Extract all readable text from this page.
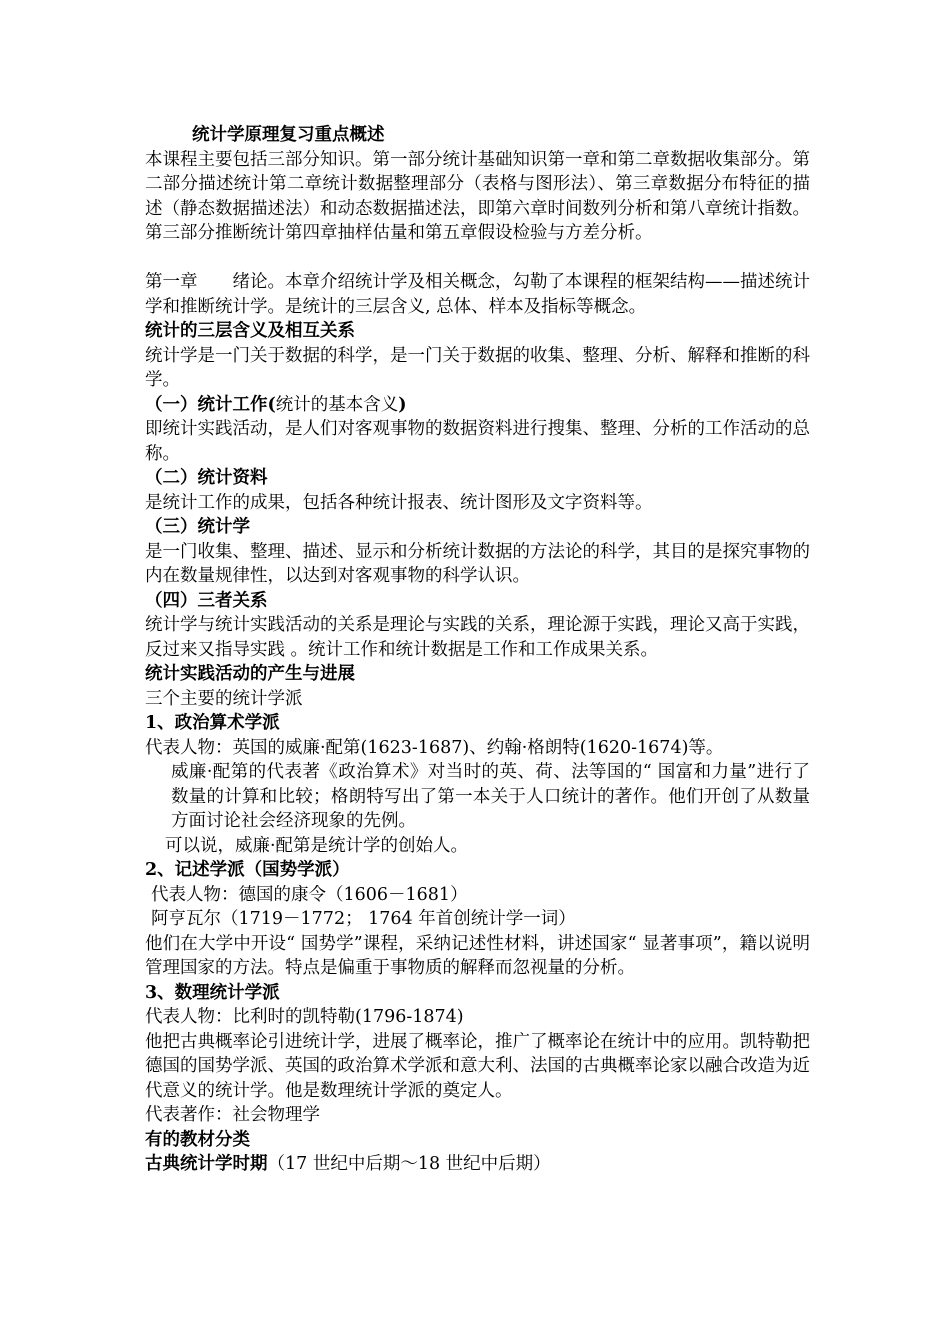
统计学原理复习重点概述

本课程主要包括三部分知识。第一部分统计基础知识第一章和第二章数据收集部分。第二部分描述统计第二章统计数据整理部分（表格与图形法）、第三章数据分布特征的描述（静态数据描述法）和动态数据描述法，即第六章时间数列分析和第八章统计指数。第三部分推断统计第四章抽样估量和第五章假设检验与方差分析。

第一章　　绪论。本章介绍统计学及相关概念，勾勒了本课程的框架结构——描述统计学和推断统计学。是统计的三层含义, 总体、样本及指标等概念。

统计的三层含义及相互关系

统计学是一门关于数据的科学，是一门关于数据的收集、整理、分析、解释和推断的科学。

（一）统计工作(统计的基本含义)

即统计实践活动，是人们对客观事物的数据资料进行搜集、整理、分析的工作活动的总称。

（二）统计资料

是统计工作的成果，包括各种统计报表、统计图形及文字资料等。

（三）统计学

是一门收集、整理、描述、显示和分析统计数据的方法论的科学，其目的是探究事物的内在数量规律性，以达到对客观事物的科学认识。

（四）三者关系

统计学与统计实践活动的关系是理论与实践的关系，理论源于实践，理论又高于实践，反过来又指导实践 。统计工作和统计数据是工作和工作成果关系。

统计实践活动的产生与进展

三个主要的统计学派

1、政治算术学派

代表人物：英国的威廉·配第(1623-1687)、约翰·格朗特(1620-1674)等。

威廉·配第的代表著《政治算术》对当时的英、荷、法等国的“ 国富和力量”进行了数量的计算和比较；格朗特写出了第一本关于人口统计的著作。他们开创了从数量方面讨论社会经济现象的先例。

可以说，威廉·配第是统计学的创始人。

2、记述学派（国势学派）

代表人物：德国的康令（1606－1681）

阿亨瓦尔（1719－1772； 1764 年首创统计学一词）

他们在大学中开设“ 国势学”课程，采纳记述性材料，讲述国家“ 显著事项”，籍以说明管理国家的方法。特点是偏重于事物质的解释而忽视量的分析。

3、数理统计学派

代表人物：比利时的凯特勒(1796-1874)

他把古典概率论引进统计学，进展了概率论，推广了概率论在统计中的应用。凯特勒把德国的国势学派、英国的政治算术学派和意大利、法国的古典概率论家以融合改造为近代意义的统计学。他是数理统计学派的奠定人。

代表著作：社会物理学

有的教材分类

古典统计学时期（17 世纪中后期～18 世纪中后期）
